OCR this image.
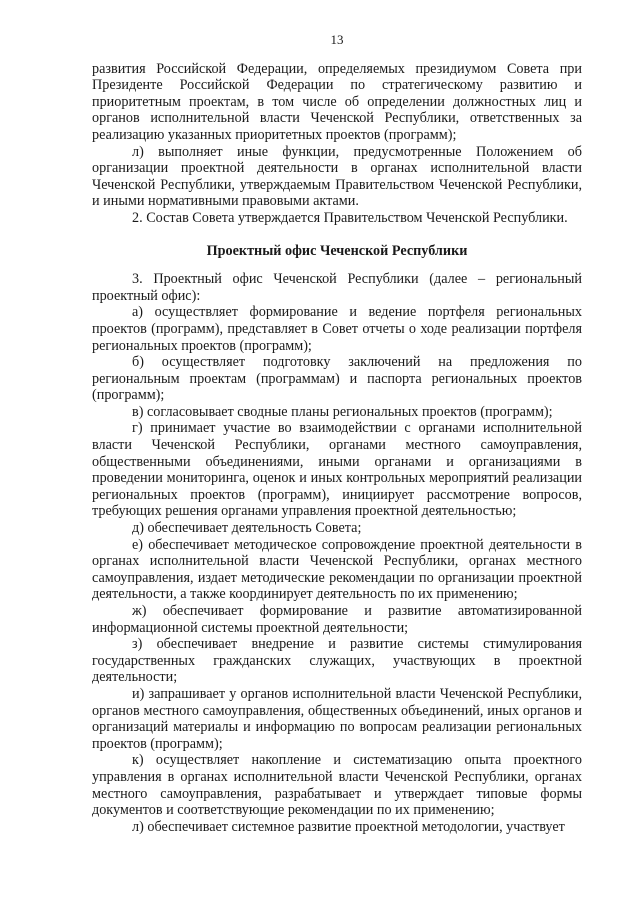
13

развития Российской Федерации, определяемых президиумом Совета при Президенте Российской Федерации по стратегическому развитию и приоритетным проектам, в том числе об определении должностных лиц и органов исполнительной власти Чеченской Республики, ответственных за реализацию указанных приоритетных проектов (программ);

л) выполняет иные функции, предусмотренные Положением об организации проектной деятельности в органах исполнительной власти Чеченской Республики, утверждаемым Правительством Чеченской Республики, и иными нормативными правовыми актами.

2. Состав Совета утверждается Правительством Чеченской Республики.

Проектный офис Чеченской Республики

3. Проектный офис Чеченской Республики (далее – региональный проектный офис):

а) осуществляет формирование и ведение портфеля региональных проектов (программ), представляет в Совет отчеты о ходе реализации портфеля региональных проектов (программ);

б) осуществляет подготовку заключений на предложения по региональным проектам (программам) и паспорта региональных проектов (программ);

в) согласовывает сводные планы региональных проектов (программ);

г) принимает участие во взаимодействии с органами исполнительной власти Чеченской Республики, органами местного самоуправления, общественными объединениями, иными органами и организациями в проведении мониторинга, оценок и иных контрольных мероприятий реализации региональных проектов (программ), инициирует рассмотрение вопросов, требующих решения органами управления проектной деятельностью;

д) обеспечивает деятельность Совета;

е) обеспечивает методическое сопровождение проектной деятельности в органах исполнительной власти Чеченской Республики, органах местного самоуправления, издает методические рекомендации по организации проектной деятельности, а также координирует деятельность по их применению;

ж) обеспечивает формирование и развитие автоматизированной информационной системы проектной деятельности;

з) обеспечивает внедрение и развитие системы стимулирования государственных гражданских служащих, участвующих в проектной деятельности;

и) запрашивает у органов исполнительной власти Чеченской Республики, органов местного самоуправления, общественных объединений, иных органов и организаций материалы и информацию по вопросам реализации региональных проектов (программ);

к) осуществляет накопление и систематизацию опыта проектного управления в органах исполнительной власти Чеченской Республики, органах местного самоуправления, разрабатывает и утверждает типовые формы документов и соответствующие рекомендации по их применению;

л) обеспечивает системное развитие проектной методологии, участвует
